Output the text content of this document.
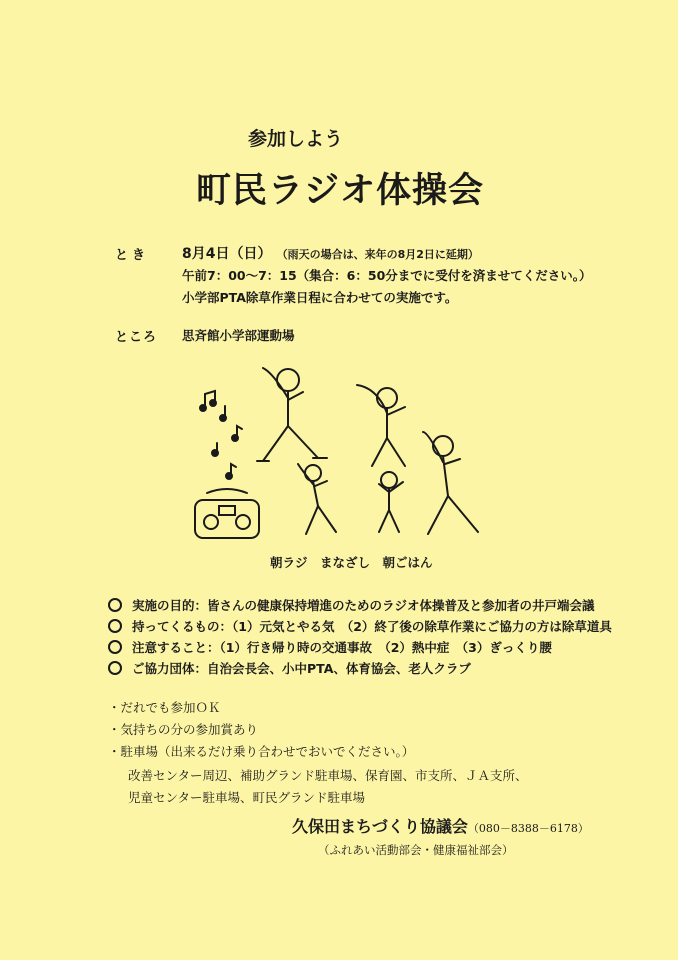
参加しよう
町民ラジオ体操会
とき 8月4日（日） （雨天の場合は、来年の8月2日に延期）
午前7：00～7：15（集合：6：50分までに受付を済ませてください。）
小学部PTA除草作業日程に合わせての実施です。
ところ 思斉館小学部運動場
朝ラジ　まなざし　朝ごはん
実施の目的：皆さんの健康保持増進のためのラジオ体操普及と参加者の井戸端会議
持ってくるもの：（1）元気とやる気　（2）終了後の除草作業にご協力の方は除草道具
注意すること：（1）行き帰り時の交通事故　（2）熱中症　（3）ぎっくり腰
ご協力団体：自治会長会、小中PTA、体育協会、老人クラブ
・だれでも参加ＯＫ
・気持ちの分の参加賞あり
・駐車場（出来るだけ乗り合わせでおいでください。）
改善センター周辺、補助グランド駐車場、保育園、市支所、ＪＡ支所、
児童センター駐車場、町民グランド駐車場
久保田まちづくり協議会（080－8388－6178）
（ふれあい活動部会・健康福祉部会）
